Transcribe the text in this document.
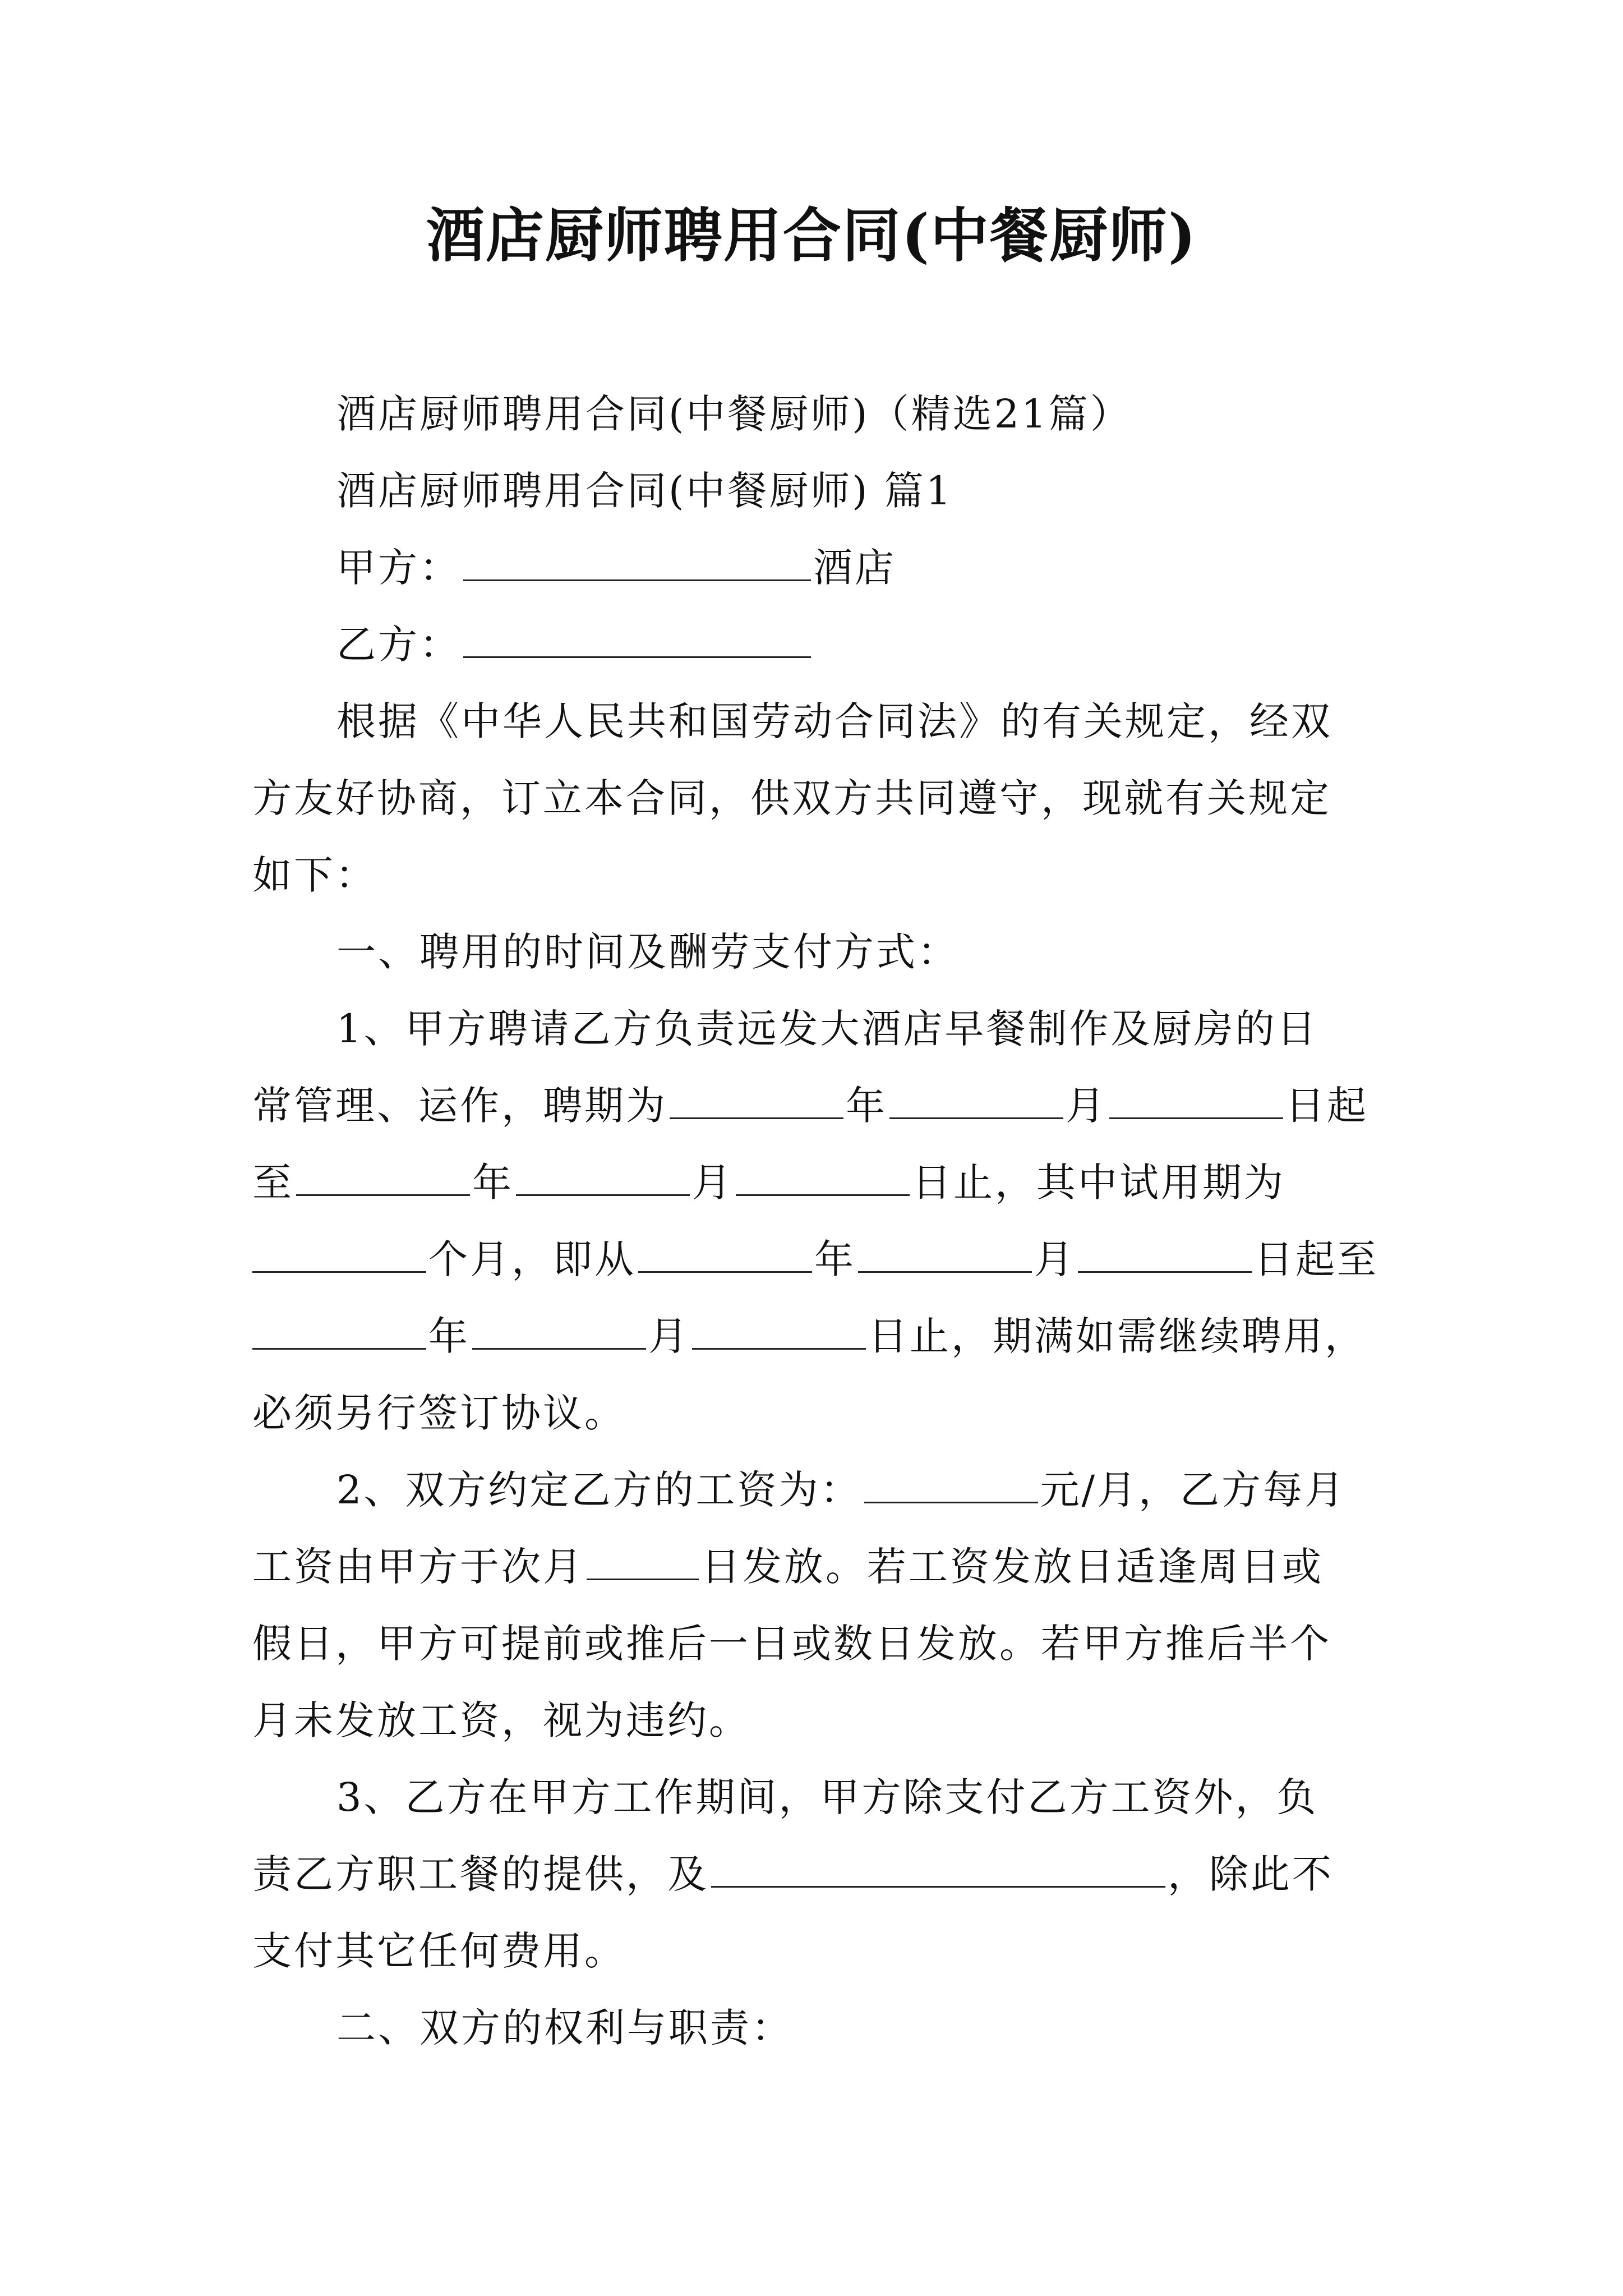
酒店厨师聘用合同(中餐厨师)
酒店厨师聘用合同(中餐厨师)（精选21篇）
酒店厨师聘用合同(中餐厨师) 篇1
甲方：	酒店
乙方：
根据《中华人民共和国劳动合同法》的有关规定，经双
方友好协商，订立本合同，供双方共同遵守，现就有关规定
如下：
一、聘用的时间及酬劳支付方式：
1、甲方聘请乙方负责远发大酒店早餐制作及厨房的日
常管理、运作，聘期为	年	月	日起
至	年	月	日止，其中试用期为
个月，即从	年	月	日起至
年	月	日止，期满如需继续聘用，
必须另行签订协议。
2、双方约定乙方的工资为：	元/月，乙方每月
工资由甲方于次月	日发放。若工资发放日适逢周日或
假日，甲方可提前或推后一日或数日发放。若甲方推后半个
月未发放工资，视为违约。
3、乙方在甲方工作期间，甲方除支付乙方工资外，负
责乙方职工餐的提供，及	，除此不
支付其它任何费用。
二、双方的权利与职责：
